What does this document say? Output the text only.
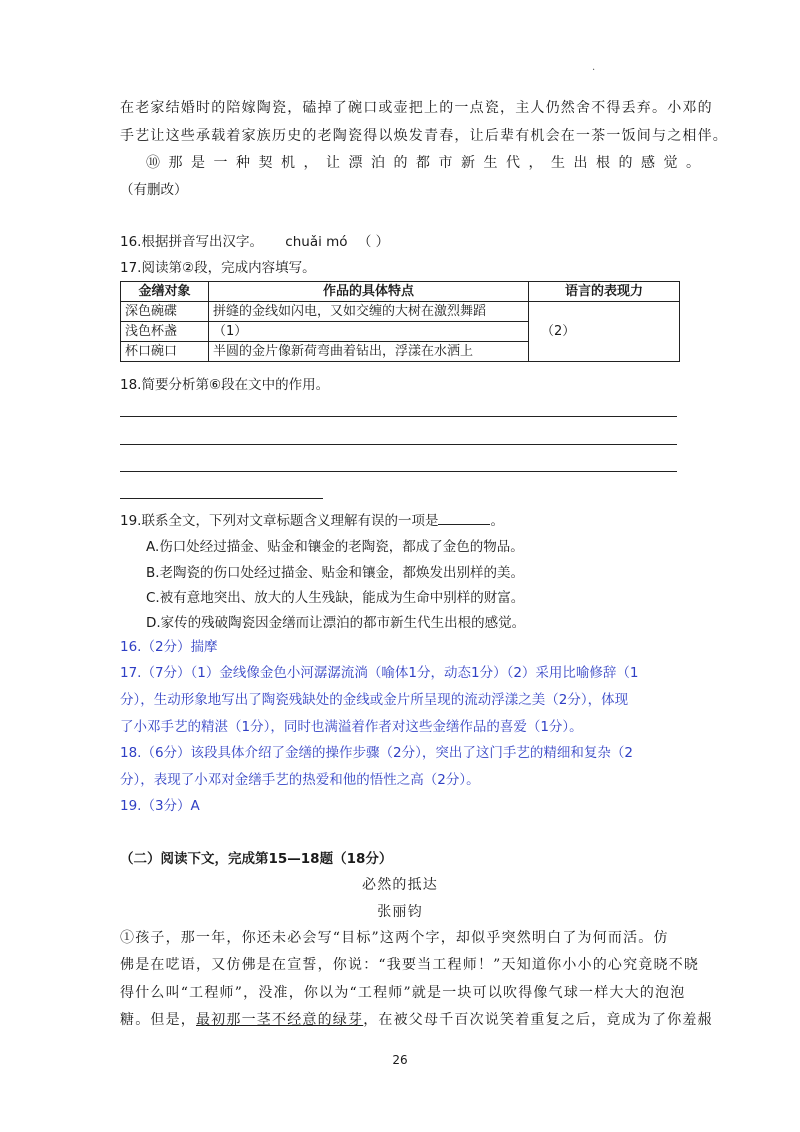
.
在老家结婚时的陪嫁陶瓷，磕掉了碗口或壶把上的一点瓷，主人仍然舍不得丢弃。小邓的
手艺让这些承载着家族历史的老陶瓷得以焕发青春，让后辈有机会在一茶一饭间与之相伴。
⑩那是一种契机，让漂泊的都市新生代，生出根的感觉。
（有删改）
16.根据拼音写出汉字。 chuǎi mó （ ）
17.阅读第②段，完成内容填写。
金缮对象	作品的具体特点	语言的表现力
深色碗碟	拼缝的金线如闪电，又如交缠的大树在激烈舞蹈	（2）
浅色杯盏	（1）	
杯口碗口	半圆的金片像新荷弯曲着钻出，浮漾在水洒上	
18.简要分析第⑥段在文中的作用。
19.联系全文，下列对文章标题含义理解有误的一项是	。
A.伤口处经过描金、贴金和镶金的老陶瓷，都成了金色的物品。
B.老陶瓷的伤口处经过描金、贴金和镶金，都焕发出别样的美。
C.被有意地突出、放大的人生残缺，能成为生命中别样的财富。
D.家传的残破陶瓷因金缮而让漂泊的都市新生代生出根的感觉。
16.（2分）揣摩
17.（7分）（1）金线像金色小河潺潺流淌（喻体1分，动态1分）（2）采用比喻修辞（1
分），生动形象地写出了陶瓷残缺处的金线或金片所呈现的流动浮漾之美（2分），体现
了小邓手艺的精湛（1分），同时也满溢着作者对这些金缮作品的喜爱（1分）。
18.（6分）该段具体介绍了金缮的操作步骤（2分），突出了这门手艺的精细和复杂（2
分），表现了小邓对金缮手艺的热爱和他的悟性之高（2分）。
19.（3分）A
（二）阅读下文，完成第15—18题（18分）
必然的抵达
张丽钧
①孩子，那一年，你还未必会写“目标”这两个字，却似乎突然明白了为何而活。仿
佛是在呓语，又仿佛是在宣誓，你说：“我要当工程师！”天知道你小小的心究竟晓不晓
得什么叫“工程师”，没准，你以为“工程师”就是一块可以吹得像气球一样大大的泡泡
糖。但是，最初那一茎不经意的绿芽，在被父母千百次说笑着重复之后，竟成为了你羞赧
26
